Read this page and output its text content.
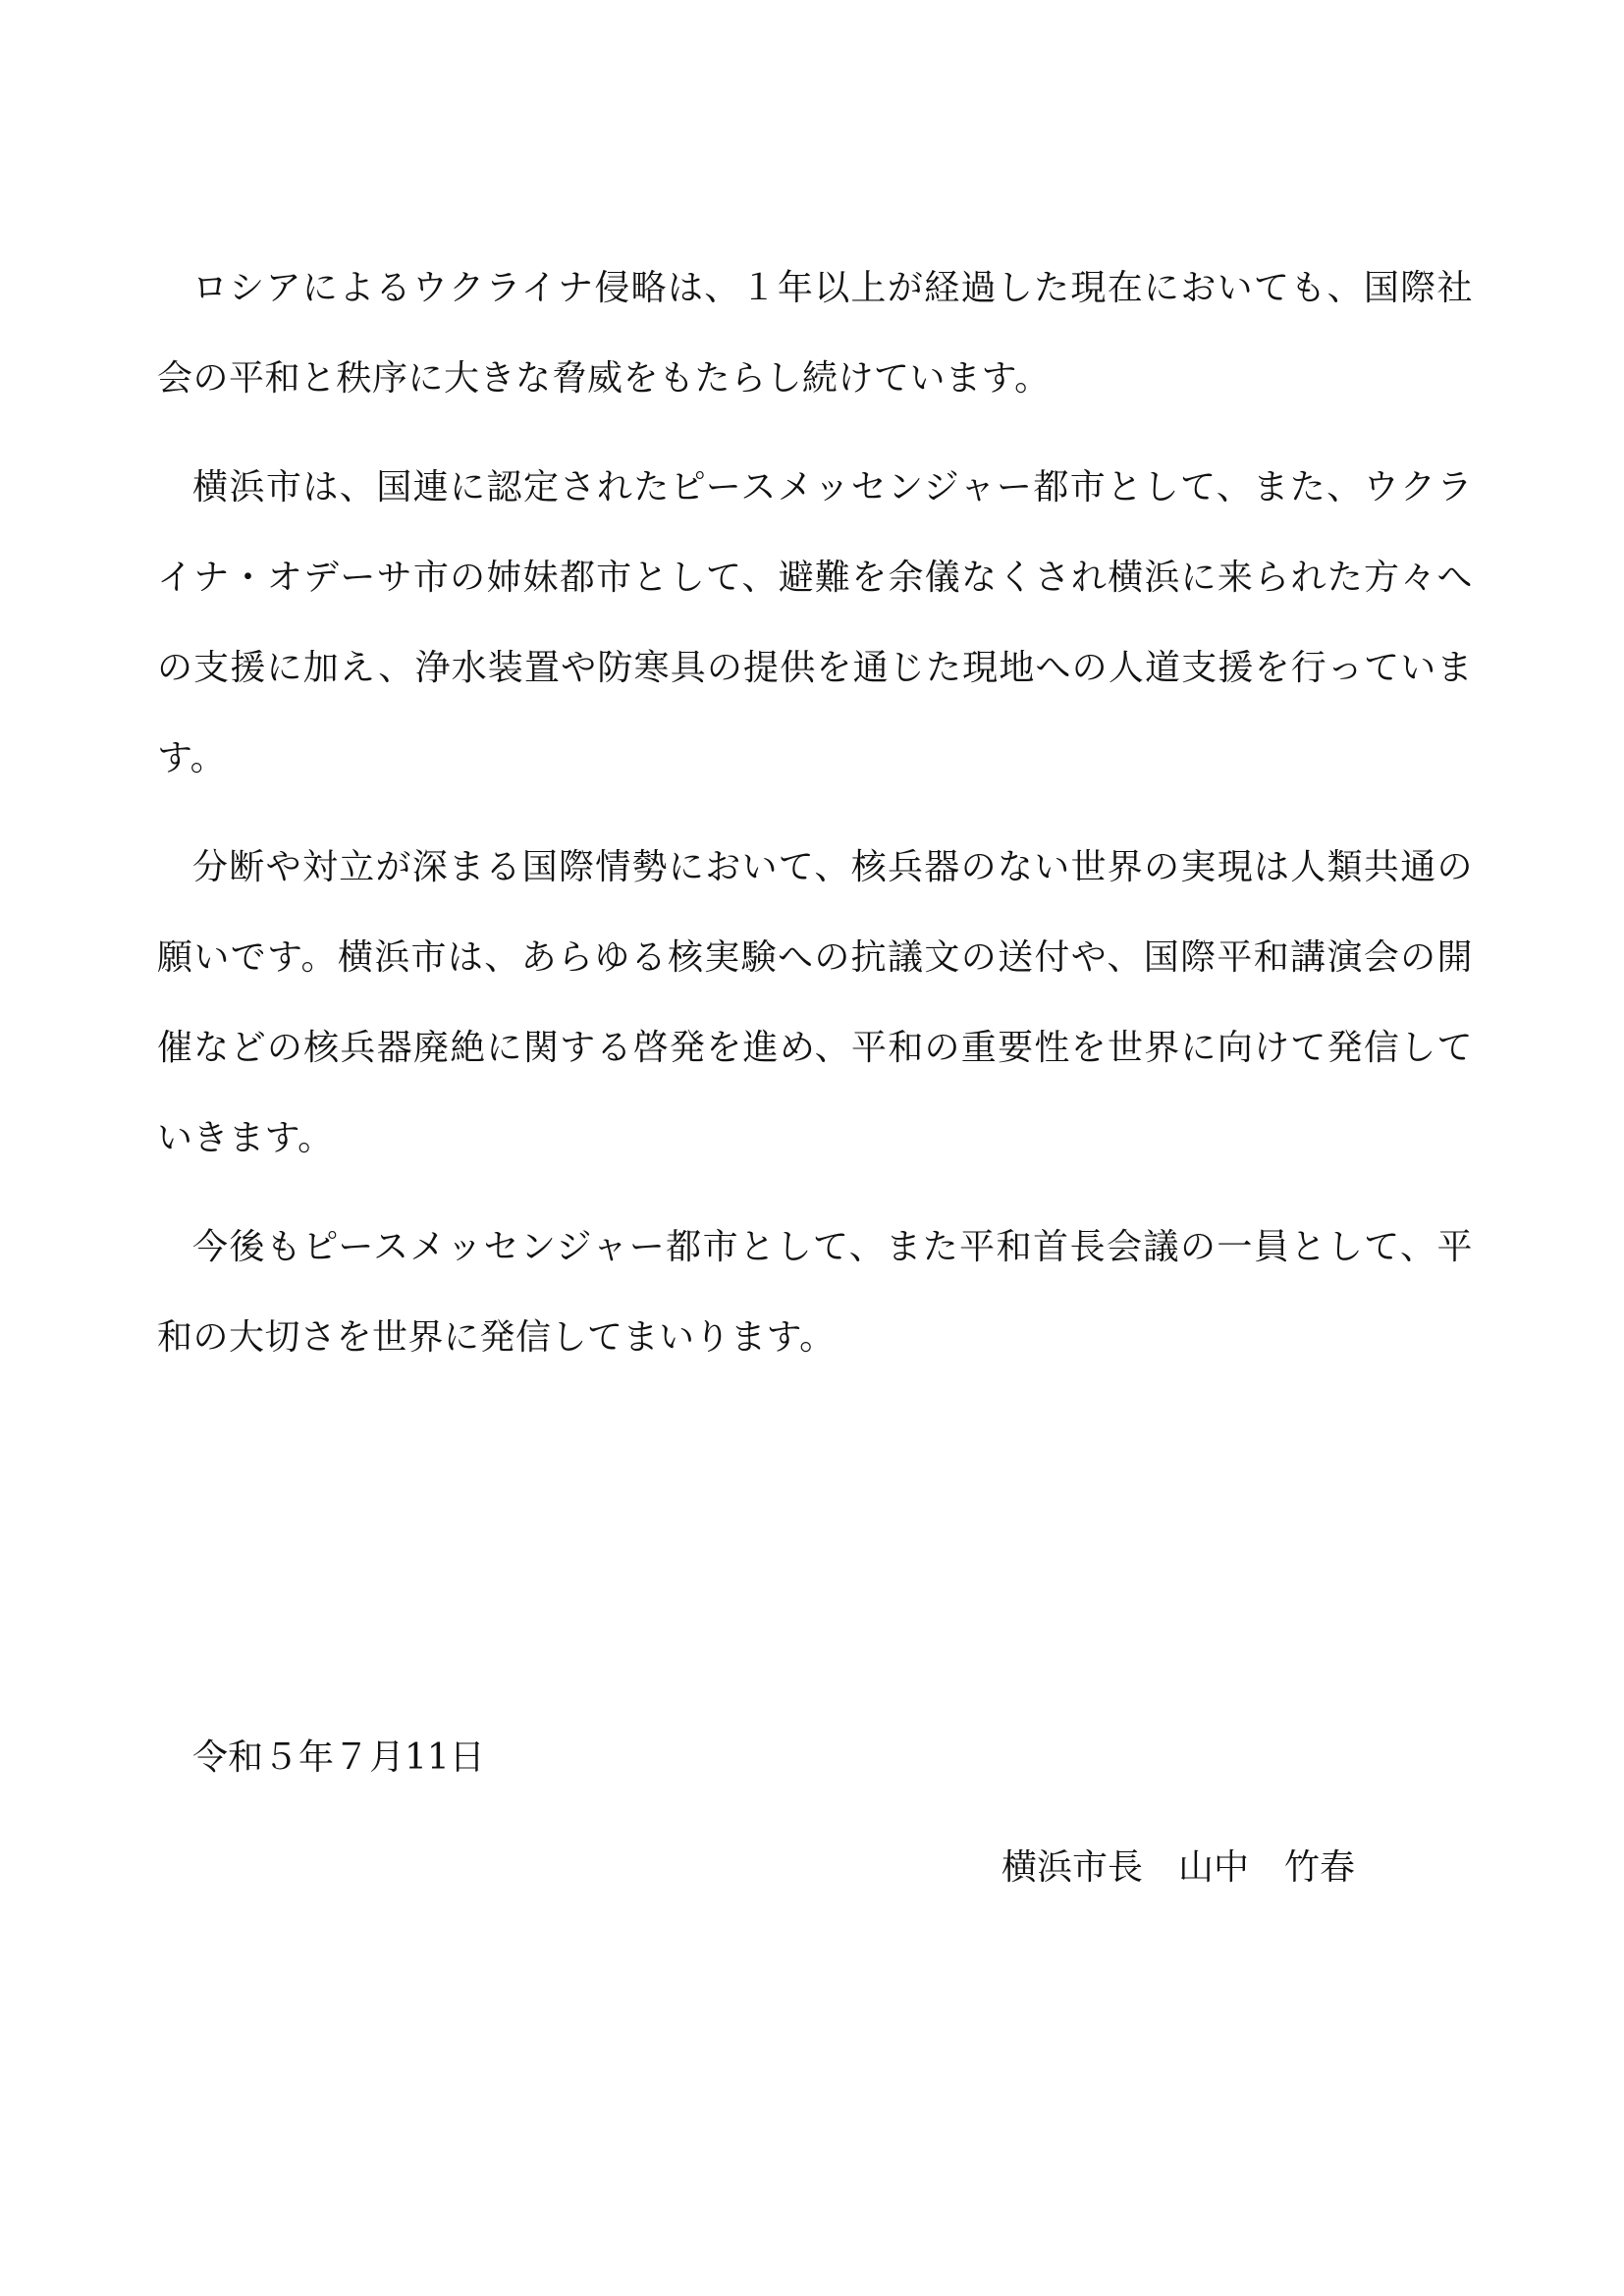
ロシアによるウクライナ侵略は、１年以上が経過した現在においても、国際社会の平和と秩序に大きな脅威をもたらし続けています。

横浜市は、国連に認定されたピースメッセンジャー都市として、また、ウクライナ・オデーサ市の姉妹都市として、避難を余儀なくされ横浜に来られた方々への支援に加え、浄水装置や防寒具の提供を通じた現地への人道支援を行っています。

分断や対立が深まる国際情勢において、核兵器のない世界の実現は人類共通の願いです。横浜市は、あらゆる核実験への抗議文の送付や、国際平和講演会の開催などの核兵器廃絶に関する啓発を進め、平和の重要性を世界に向けて発信していきます。

今後もピースメッセンジャー都市として、また平和首長会議の一員として、平和の大切さを世界に発信してまいります。

令和５年７月11日

横浜市長　山中　竹春
